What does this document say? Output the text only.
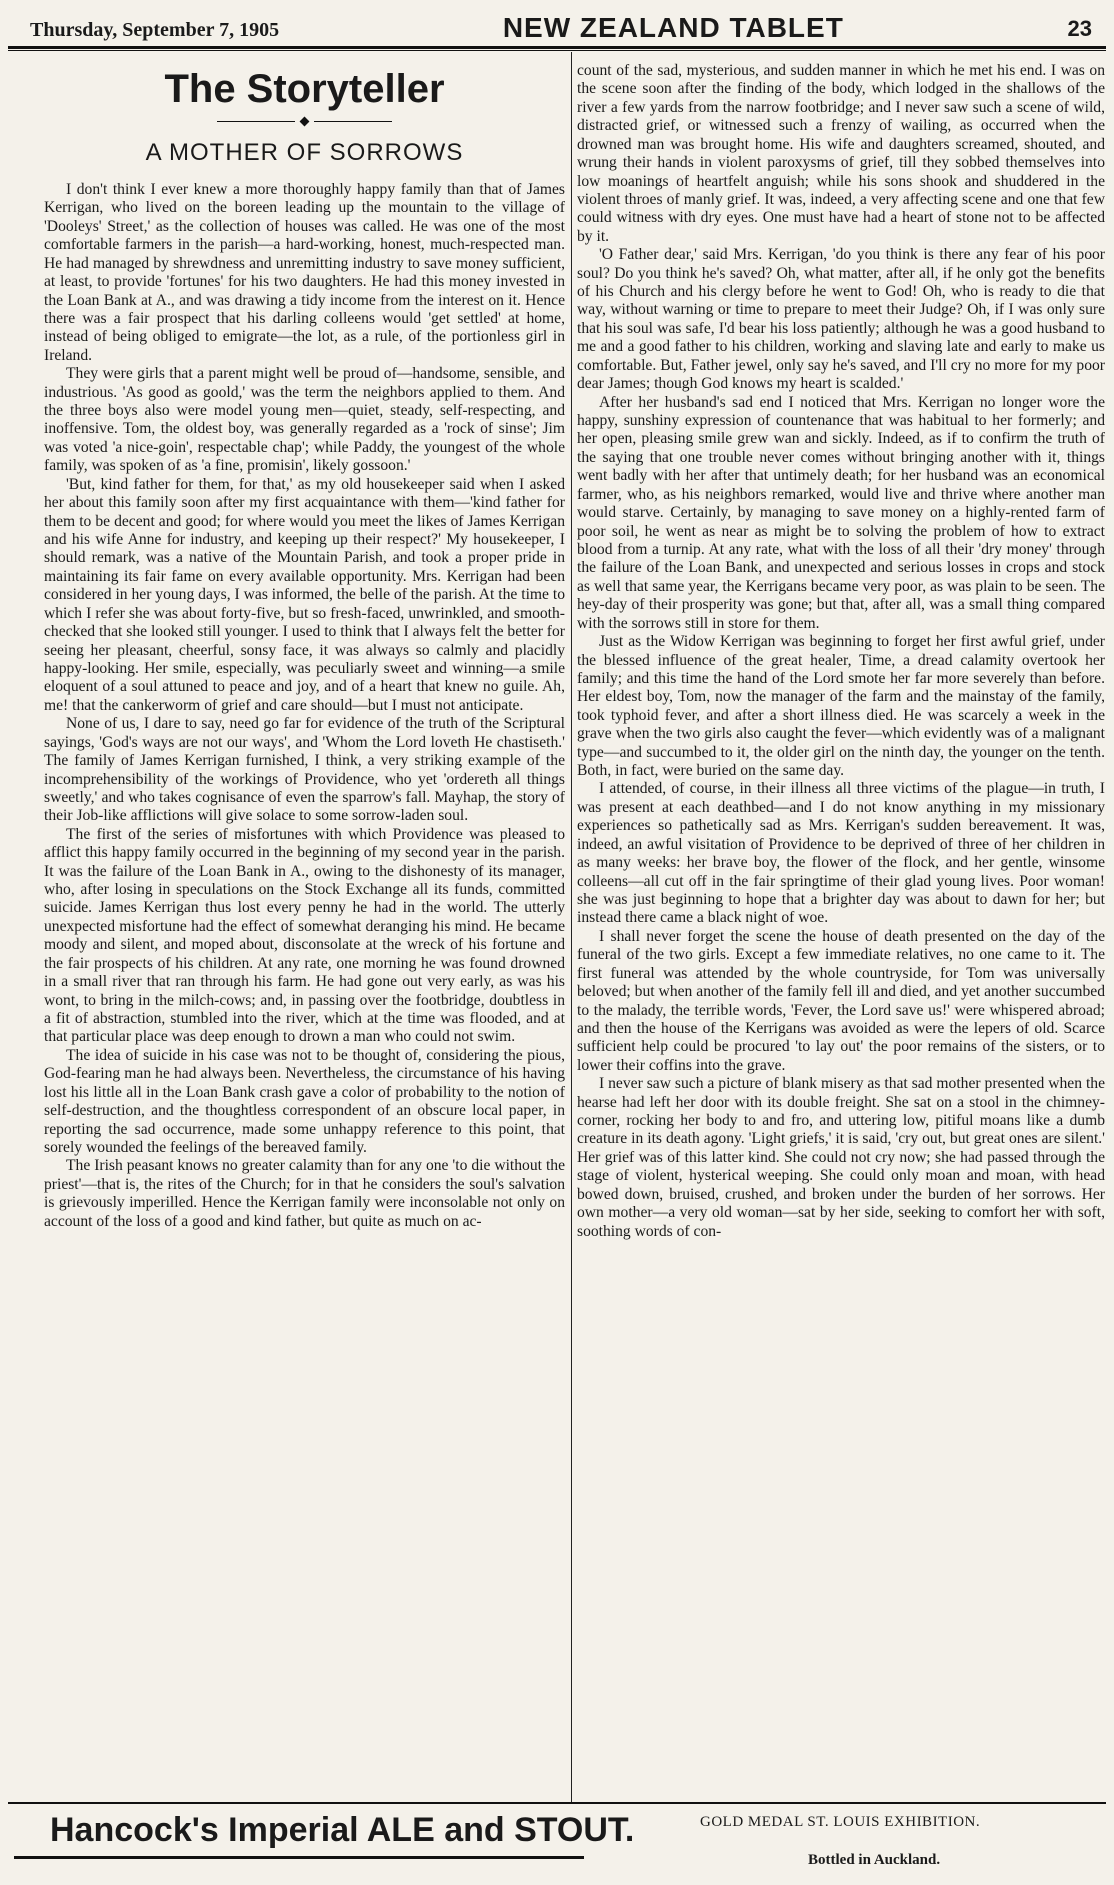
Thursday, September 7, 1905	NEW ZEALAND TABLET	23
The Storyteller
A MOTHER OF SORROWS

I don't think I ever knew a more thoroughly happy family than that of James Kerrigan, who lived on the boreen leading up the mountain to the village of 'Dooleys' Street,' as the collection of houses was called. He was one of the most comfortable farmers in the parish—a hard-working, honest, much-respected man. He had managed by shrewdness and unremitting industry to save money sufficient, at least, to provide 'fortunes' for his two daughters. He had this money invested in the Loan Bank at A., and was drawing a tidy income from the interest on it. Hence there was a fair prospect that his darling colleens would 'get settled' at home, instead of being obliged to emigrate—the lot, as a rule, of the portionless girl in Ireland.

They were girls that a parent might well be proud of—handsome, sensible, and industrious. 'As good as goold,' was the term the neighbors applied to them. And the three boys also were model young men—quiet, steady, self-respecting, and inoffensive. Tom, the oldest boy, was generally regarded as a 'rock of sinse'; Jim was voted 'a nice-goin', respectable chap'; while Paddy, the youngest of the whole family, was spoken of as 'a fine, promisin', likely gossoon.'

'But, kind father for them, for that,' as my old housekeeper said when I asked her about this family soon after my first acquaintance with them—'kind father for them to be decent and good; for where would you meet the likes of James Kerrigan and his wife Anne for industry, and keeping up their respect?' My housekeeper, I should remark, was a native of the Mountain Parish, and took a proper pride in maintaining its fair fame on every available opportunity. Mrs. Kerrigan had been considered in her young days, I was informed, the belle of the parish. At the time to which I refer she was about forty-five, but so fresh-faced, unwrinkled, and smooth-checked that she looked still younger. I used to think that I always felt the better for seeing her pleasant, cheerful, sonsy face, it was always so calmly and placidly happy-looking. Her smile, especially, was peculiarly sweet and winning—a smile eloquent of a soul attuned to peace and joy, and of a heart that knew no guile. Ah, me! that the cankerworm of grief and care should—but I must not anticipate.

None of us, I dare to say, need go far for evidence of the truth of the Scriptural sayings, 'God's ways are not our ways', and 'Whom the Lord loveth He chastiseth.' The family of James Kerrigan furnished, I think, a very striking example of the incomprehensibility of the workings of Providence, who yet 'ordereth all things sweetly,' and who takes cognisance of even the sparrow's fall. Mayhap, the story of their Job-like afflictions will give solace to some sorrow-laden soul.

The first of the series of misfortunes with which Providence was pleased to afflict this happy family occurred in the beginning of my second year in the parish. It was the failure of the Loan Bank in A., owing to the dishonesty of its manager, who, after losing in speculations on the Stock Exchange all its funds, committed suicide. James Kerrigan thus lost every penny he had in the world. The utterly unexpected misfortune had the effect of somewhat deranging his mind. He became moody and silent, and moped about, disconsolate at the wreck of his fortune and the fair prospects of his children. At any rate, one morning he was found drowned in a small river that ran through his farm. He had gone out very early, as was his wont, to bring in the milch-cows; and, in passing over the footbridge, doubtless in a fit of abstraction, stumbled into the river, which at the time was flooded, and at that particular place was deep enough to drown a man who could not swim.

The idea of suicide in his case was not to be thought of, considering the pious, God-fearing man he had always been. Nevertheless, the circumstance of his having lost his little all in the Loan Bank crash gave a color of probability to the notion of self-destruction, and the thoughtless correspondent of an obscure local paper, in reporting the sad occurrence, made some unhappy reference to this point, that sorely wounded the feelings of the bereaved family.

The Irish peasant knows no greater calamity than for any one 'to die without the priest'—that is, the rites of the Church; for in that he considers the soul's salvation is grievously imperilled. Hence the Kerrigan family were inconsolable not only on account of the loss of a good and kind father, but quite as much on ac-

count of the sad, mysterious, and sudden manner in which he met his end. I was on the scene soon after the finding of the body, which lodged in the shallows of the river a few yards from the narrow footbridge; and I never saw such a scene of wild, distracted grief, or witnessed such a frenzy of wailing, as occurred when the drowned man was brought home. His wife and daughters screamed, shouted, and wrung their hands in violent paroxysms of grief, till they sobbed themselves into low moanings of heartfelt anguish; while his sons shook and shuddered in the violent throes of manly grief. It was, indeed, a very affecting scene and one that few could witness with dry eyes. One must have had a heart of stone not to be affected by it.

'O Father dear,' said Mrs. Kerrigan, 'do you think is there any fear of his poor soul? Do you think he's saved? Oh, what matter, after all, if he only got the benefits of his Church and his clergy before he went to God! Oh, who is ready to die that way, without warning or time to prepare to meet their Judge? Oh, if I was only sure that his soul was safe, I'd bear his loss patiently; although he was a good husband to me and a good father to his children, working and slaving late and early to make us comfortable. But, Father jewel, only say he's saved, and I'll cry no more for my poor dear James; though God knows my heart is scalded.'

After her husband's sad end I noticed that Mrs. Kerrigan no longer wore the happy, sunshiny expression of countenance that was habitual to her formerly; and her open, pleasing smile grew wan and sickly. Indeed, as if to confirm the truth of the saying that one trouble never comes without bringing another with it, things went badly with her after that untimely death; for her husband was an economical farmer, who, as his neighbors remarked, would live and thrive where another man would starve. Certainly, by managing to save money on a highly-rented farm of poor soil, he went as near as might be to solving the problem of how to extract blood from a turnip. At any rate, what with the loss of all their 'dry money' through the failure of the Loan Bank, and unexpected and serious losses in crops and stock as well that same year, the Kerrigans became very poor, as was plain to be seen. The hey-day of their prosperity was gone; but that, after all, was a small thing compared with the sorrows still in store for them.

Just as the Widow Kerrigan was beginning to forget her first awful grief, under the blessed influence of the great healer, Time, a dread calamity overtook her family; and this time the hand of the Lord smote her far more severely than before. Her eldest boy, Tom, now the manager of the farm and the mainstay of the family, took typhoid fever, and after a short illness died. He was scarcely a week in the grave when the two girls also caught the fever—which evidently was of a malignant type—and succumbed to it, the older girl on the ninth day, the younger on the tenth. Both, in fact, were buried on the same day.

I attended, of course, in their illness all three victims of the plague—in truth, I was present at each deathbed—and I do not know anything in my missionary experiences so pathetically sad as Mrs. Kerrigan's sudden bereavement. It was, indeed, an awful visitation of Providence to be deprived of three of her children in as many weeks: her brave boy, the flower of the flock, and her gentle, winsome colleens—all cut off in the fair springtime of their glad young lives. Poor woman! she was just beginning to hope that a brighter day was about to dawn for her; but instead there came a black night of woe.

I shall never forget the scene the house of death presented on the day of the funeral of the two girls. Except a few immediate relatives, no one came to it. The first funeral was attended by the whole countryside, for Tom was universally beloved; but when another of the family fell ill and died, and yet another succumbed to the malady, the terrible words, 'Fever, the Lord save us!' were whispered abroad; and then the house of the Kerrigans was avoided as were the lepers of old. Scarce sufficient help could be procured 'to lay out' the poor remains of the sisters, or to lower their coffins into the grave.

I never saw such a picture of blank misery as that sad mother presented when the hearse had left her door with its double freight. She sat on a stool in the chimney-corner, rocking her body to and fro, and uttering low, pitiful moans like a dumb creature in its death agony. 'Light griefs,' it is said, 'cry out, but great ones are silent.' Her grief was of this latter kind. She could not cry now; she had passed through the stage of violent, hysterical weeping. She could only moan and moan, with head bowed down, bruised, crushed, and broken under the burden of her sorrows. Her own mother—a very old woman—sat by her side, seeking to comfort her with soft, soothing words of con-

Hancock's Imperial ALE and STOUT.	GOLD MEDAL ST. LOUIS EXHIBITION.
Bottled in Auckland.
